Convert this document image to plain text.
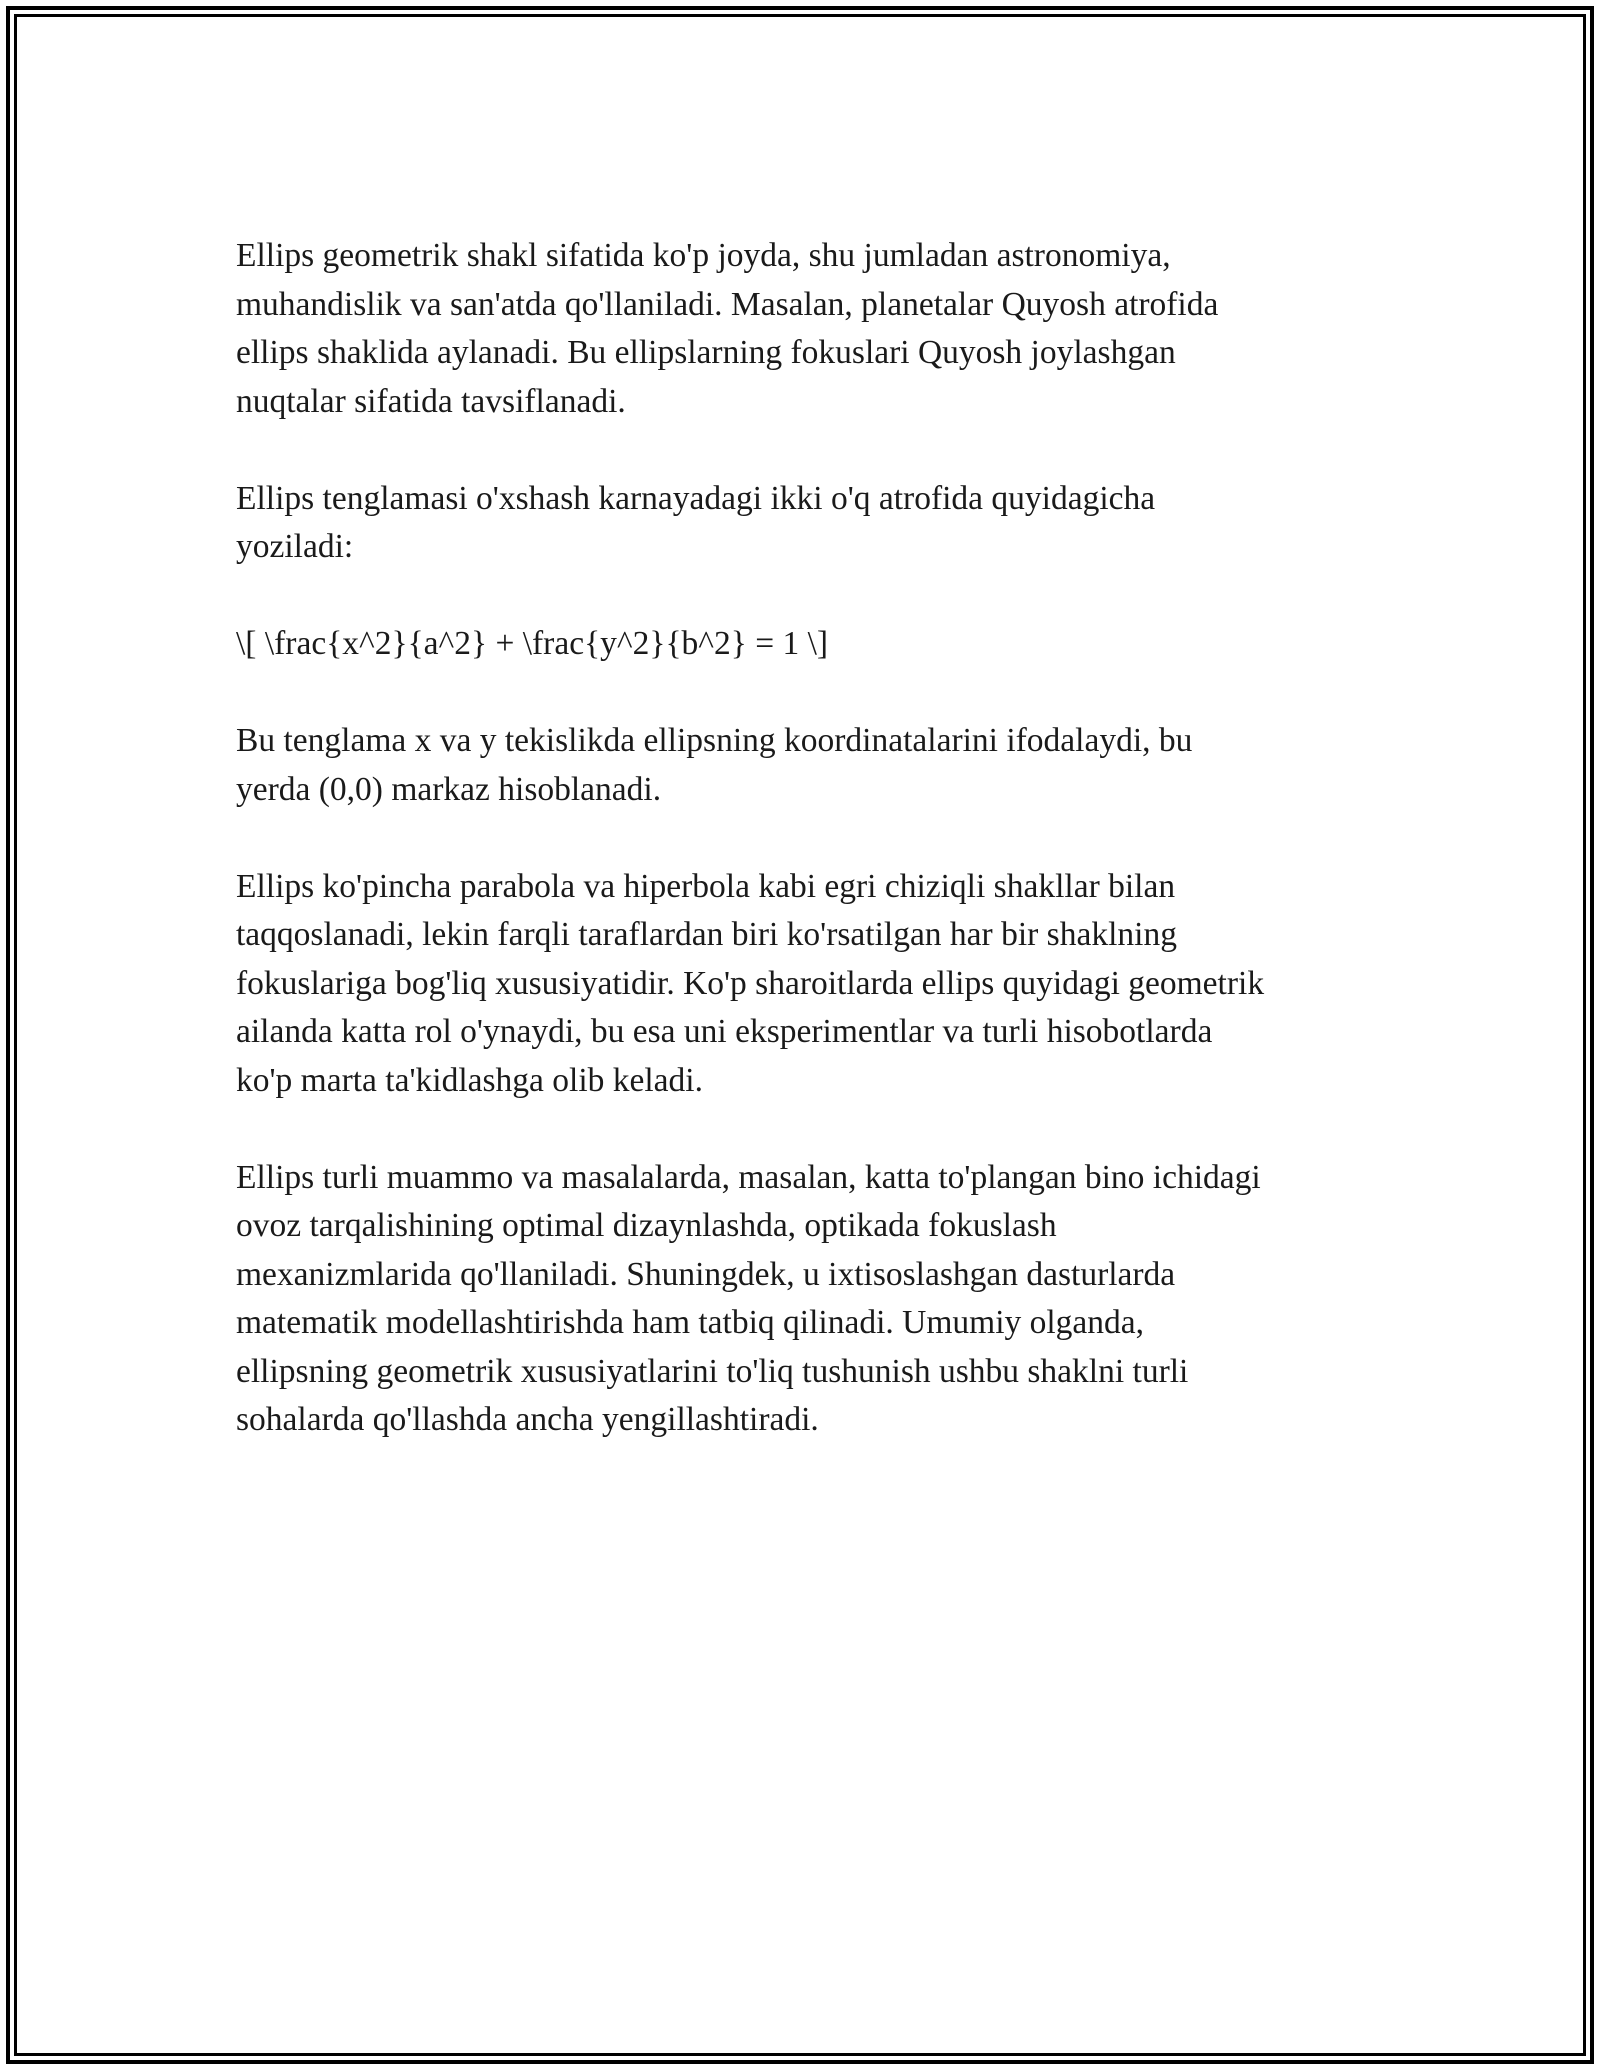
Ellips geometrik shakl sifatida ko'p joyda, shu jumladan astronomiya,
muhandislik va san'atda qo'llaniladi. Masalan, planetalar Quyosh atrofida
ellips shaklida aylanadi. Bu ellipslarning fokuslari Quyosh joylashgan
nuqtalar sifatida tavsiflanadi.

Ellips tenglamasi o'xshash karnayadagi ikki o'q atrofida quyidagicha
yoziladi:

\[ \frac{x^2}{a^2} + \frac{y^2}{b^2} = 1 \]

Bu tenglama x va y tekislikda ellipsning koordinatalarini ifodalaydi, bu
yerda (0,0) markaz hisoblanadi.

Ellips ko'pincha parabola va hiperbola kabi egri chiziqli shakllar bilan
taqqoslanadi, lekin farqli taraflardan biri ko'rsatilgan har bir shaklning
fokuslariga bog'liq xususiyatidir. Ko'p sharoitlarda ellips quyidagi geometrik
ailanda katta rol o'ynaydi, bu esa uni eksperimentlar va turli hisobotlarda
ko'p marta ta'kidlashga olib keladi.

Ellips turli muammo va masalalarda, masalan, katta to'plangan bino ichidagi
ovoz tarqalishining optimal dizaynlashda, optikada fokuslash
mexanizmlarida qo'llaniladi. Shuningdek, u ixtisoslashgan dasturlarda
matematik modellashtirishda ham tatbiq qilinadi. Umumiy olganda,
ellipsning geometrik xususiyatlarini to'liq tushunish ushbu shaklni turli
sohalarda qo'llashda ancha yengillashtiradi.
